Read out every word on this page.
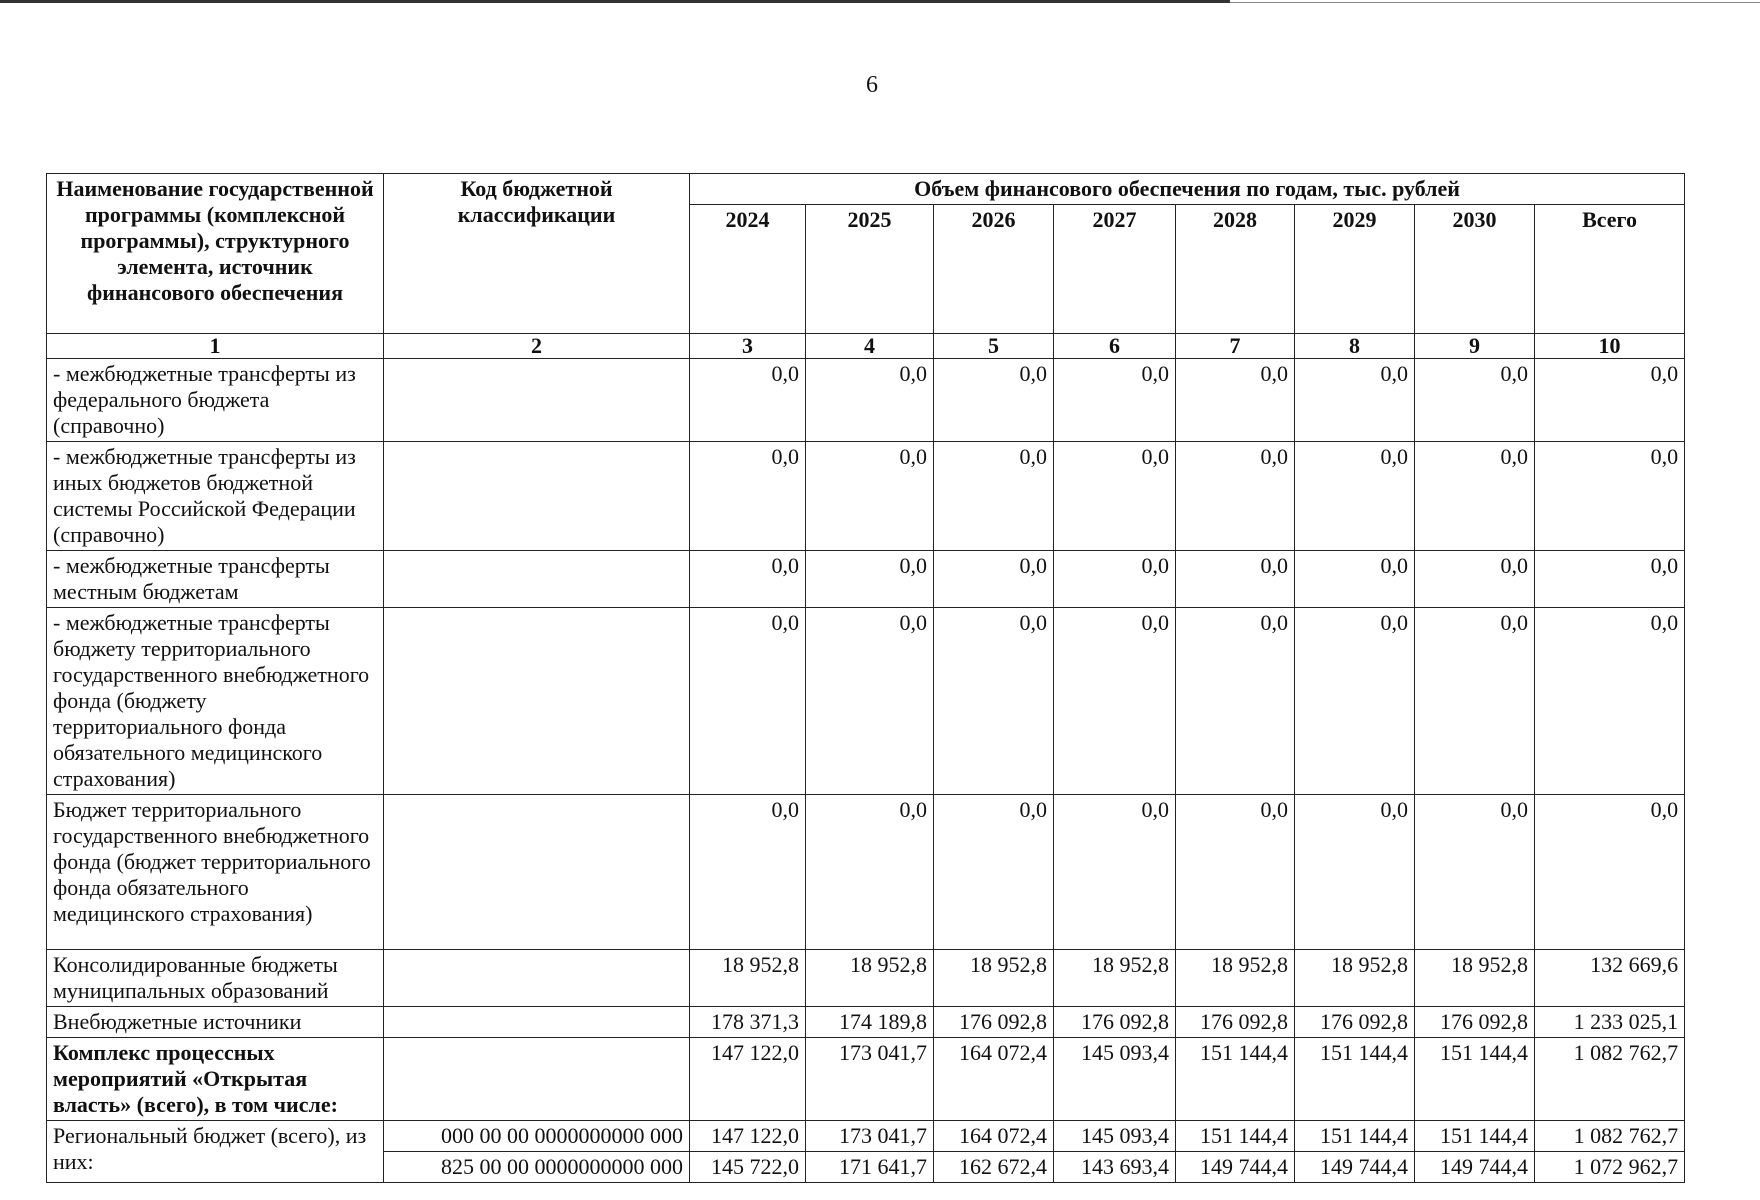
6
Наименование государственной программы (комплексной программы), структурного элемента, источник финансового обеспечения	Код бюджетной классификации	Объем финансового обеспечения по годам, тыс. рублей							
		2024	2025	2026	2027	2028	2029	2030	Всего
1	2	3	4	5	6	7	8	9	10
- межбюджетные трансферты из федерального бюджета (справочно)		0,0	0,0	0,0	0,0	0,0	0,0	0,0	0,0
- межбюджетные трансферты из иных бюджетов бюджетной системы Российской Федерации (справочно)		0,0	0,0	0,0	0,0	0,0	0,0	0,0	0,0
- межбюджетные трансферты местным бюджетам		0,0	0,0	0,0	0,0	0,0	0,0	0,0	0,0
- межбюджетные трансферты бюджету территориального государственного внебюджетного фонда (бюджету территориального фонда обязательного медицинского страхования)		0,0	0,0	0,0	0,0	0,0	0,0	0,0	0,0
Бюджет территориального государственного внебюджетного фонда (бюджет территориального фонда обязательного медицинского страхования)		0,0	0,0	0,0	0,0	0,0	0,0	0,0	0,0
Консолидированные бюджеты муниципальных образований		18 952,8	18 952,8	18 952,8	18 952,8	18 952,8	18 952,8	18 952,8	132 669,6
Внебюджетные источники		178 371,3	174 189,8	176 092,8	176 092,8	176 092,8	176 092,8	176 092,8	1 233 025,1
Комплекс процессных мероприятий «Открытая власть» (всего), в том числе:		147 122,0	173 041,7	164 072,4	145 093,4	151 144,4	151 144,4	151 144,4	1 082 762,7
Региональный бюджет (всего), из них:	000 00 00 0000000000 000	147 122,0	173 041,7	164 072,4	145 093,4	151 144,4	151 144,4	151 144,4	1 082 762,7
	825 00 00 0000000000 000	145 722,0	171 641,7	162 672,4	143 693,4	149 744,4	149 744,4	149 744,4	1 072 962,7
